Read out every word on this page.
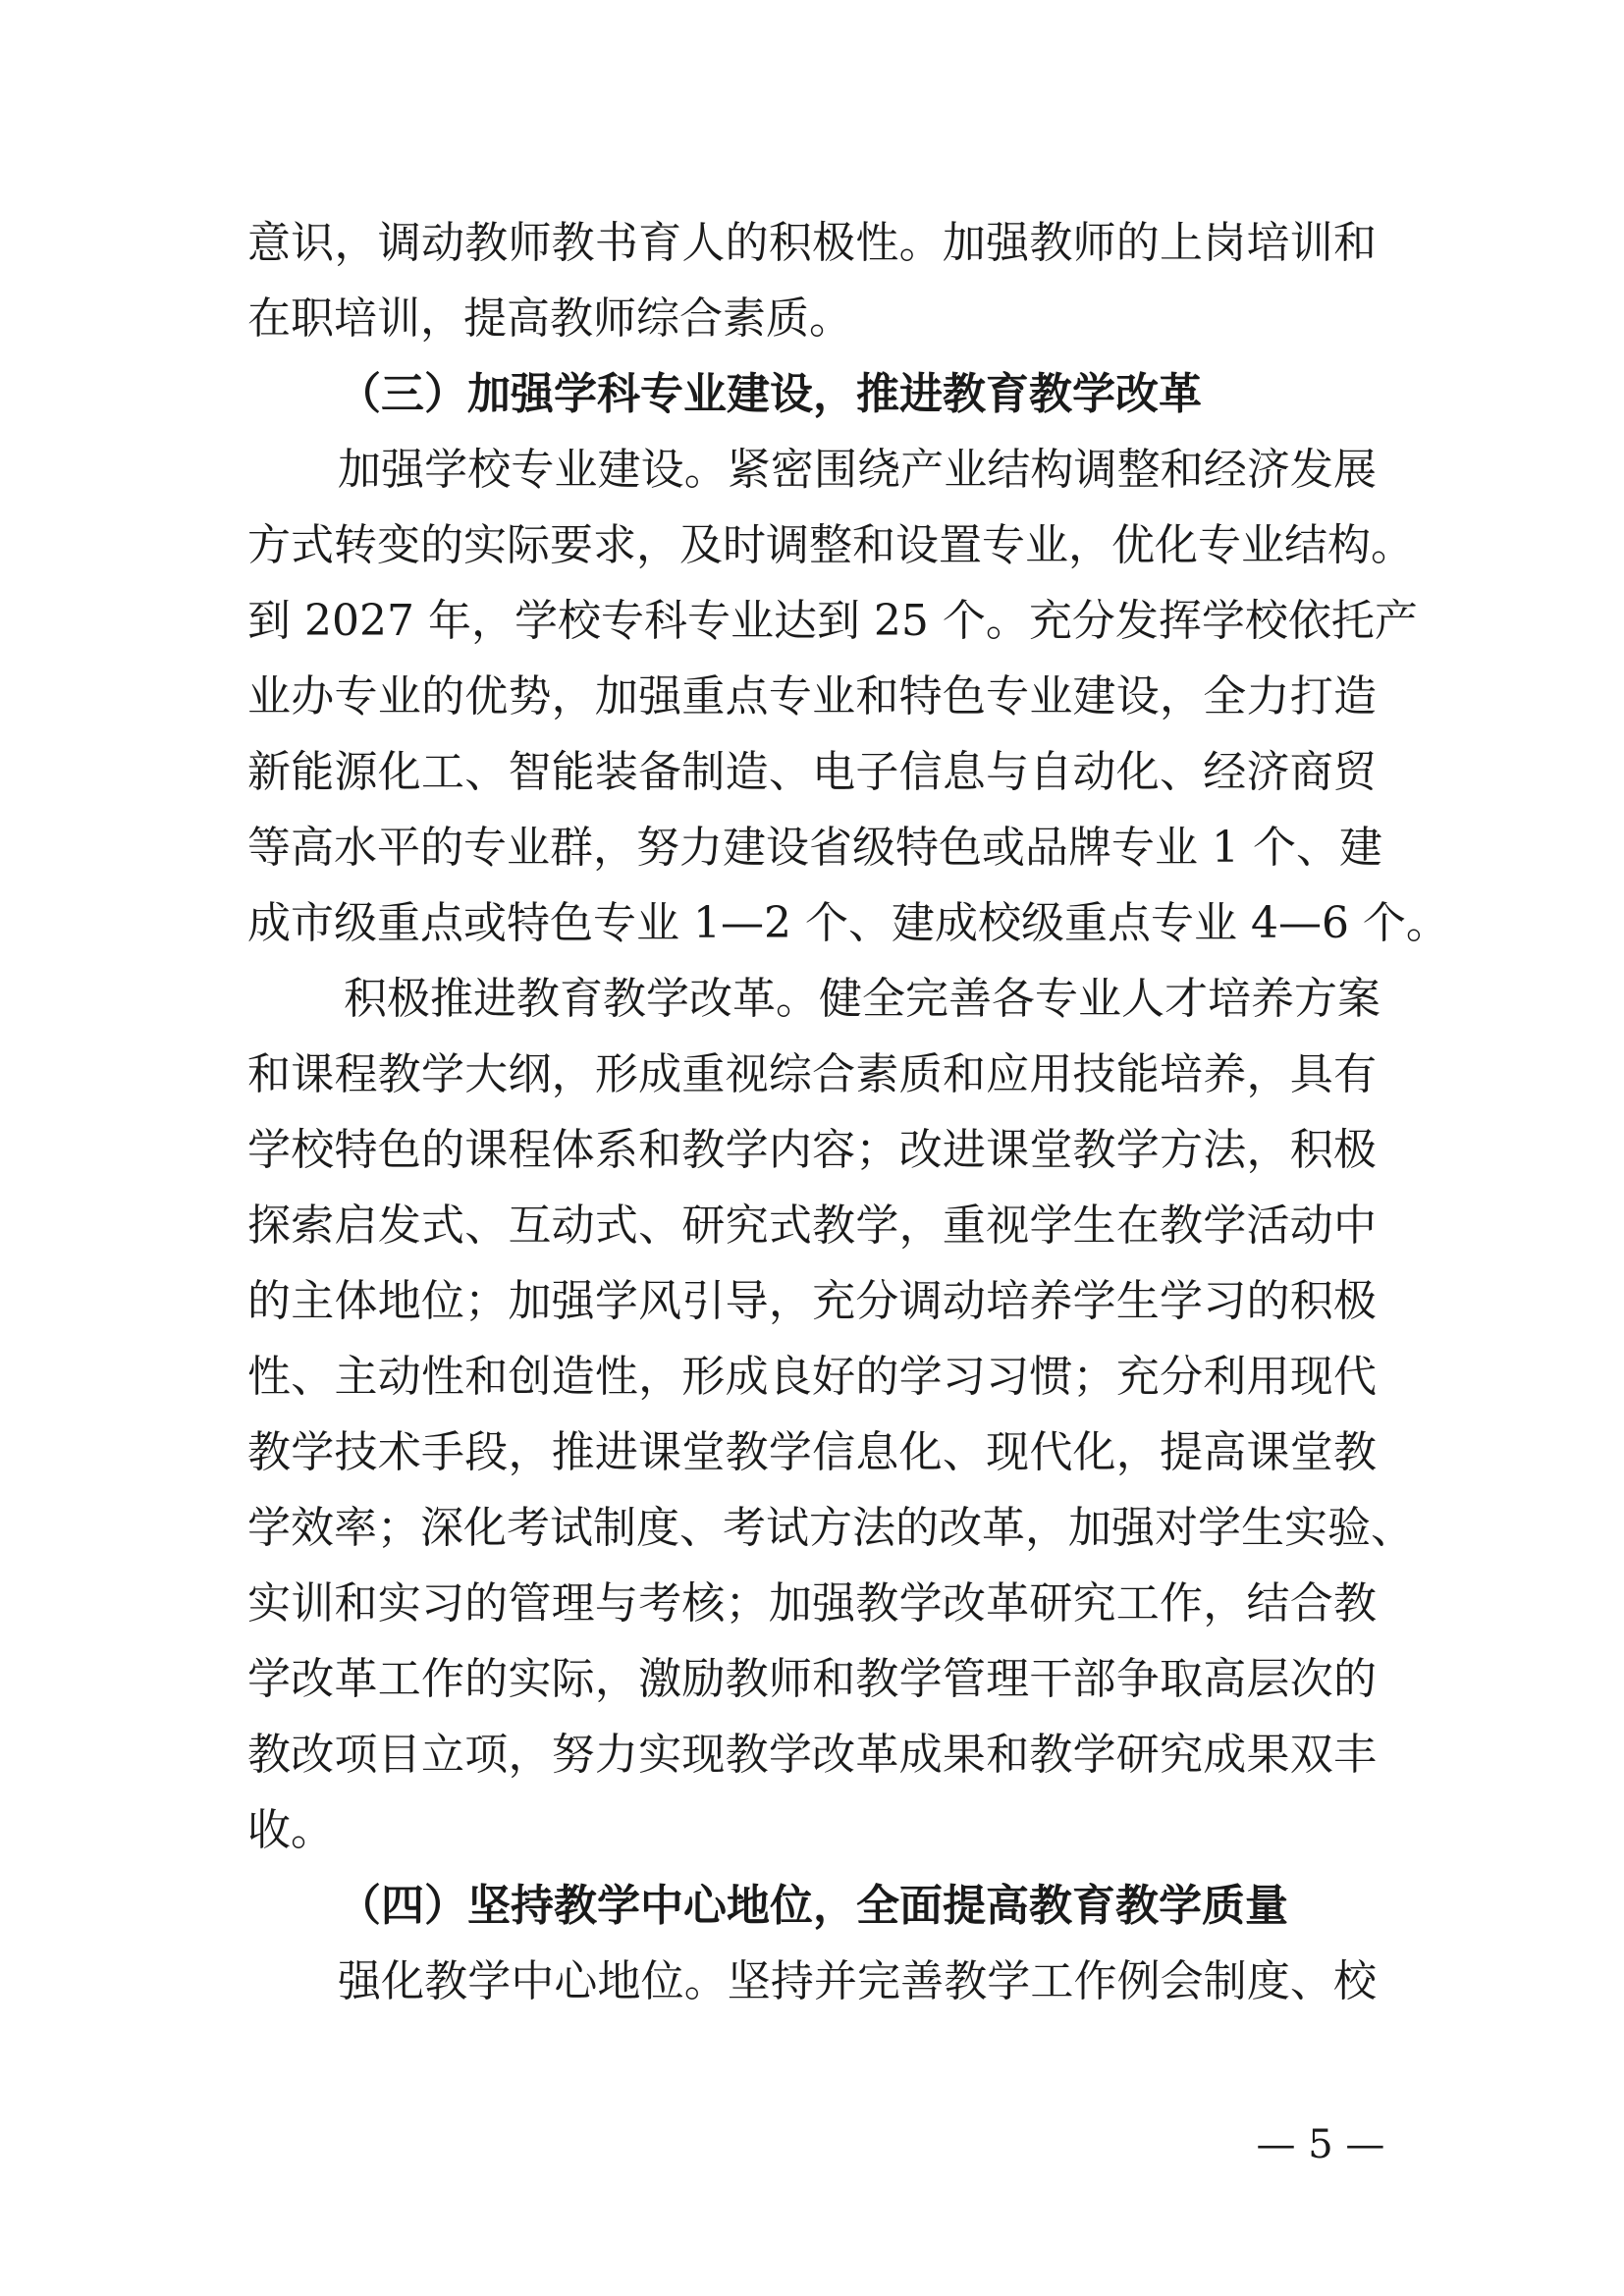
意识，调动教师教书育人的积极性。加强教师的上岗培训和
在职培训，提高教师综合素质。
（三）加强学科专业建设，推进教育教学改革
加强学校专业建设。紧密围绕产业结构调整和经济发展
方式转变的实际要求，及时调整和设置专业，优化专业结构。
到 2027 年，学校专科专业达到 25 个。充分发挥学校依托产
业办专业的优势，加强重点专业和特色专业建设，全力打造
新能源化工、智能装备制造、电子信息与自动化、经济商贸
等高水平的专业群，努力建设省级特色或品牌专业 1 个、建
成市级重点或特色专业 1—2 个、建成校级重点专业 4—6 个。
积极推进教育教学改革。健全完善各专业人才培养方案
和课程教学大纲，形成重视综合素质和应用技能培养，具有
学校特色的课程体系和教学内容；改进课堂教学方法，积极
探索启发式、互动式、研究式教学，重视学生在教学活动中
的主体地位；加强学风引导，充分调动培养学生学习的积极
性、主动性和创造性，形成良好的学习习惯；充分利用现代
教学技术手段，推进课堂教学信息化、现代化，提高课堂教
学效率；深化考试制度、考试方法的改革，加强对学生实验、
实训和实习的管理与考核；加强教学改革研究工作，结合教
学改革工作的实际，激励教师和教学管理干部争取高层次的
教改项目立项，努力实现教学改革成果和教学研究成果双丰
收。
（四）坚持教学中心地位，全面提高教育教学质量
强化教学中心地位。坚持并完善教学工作例会制度、校
— 5 —
